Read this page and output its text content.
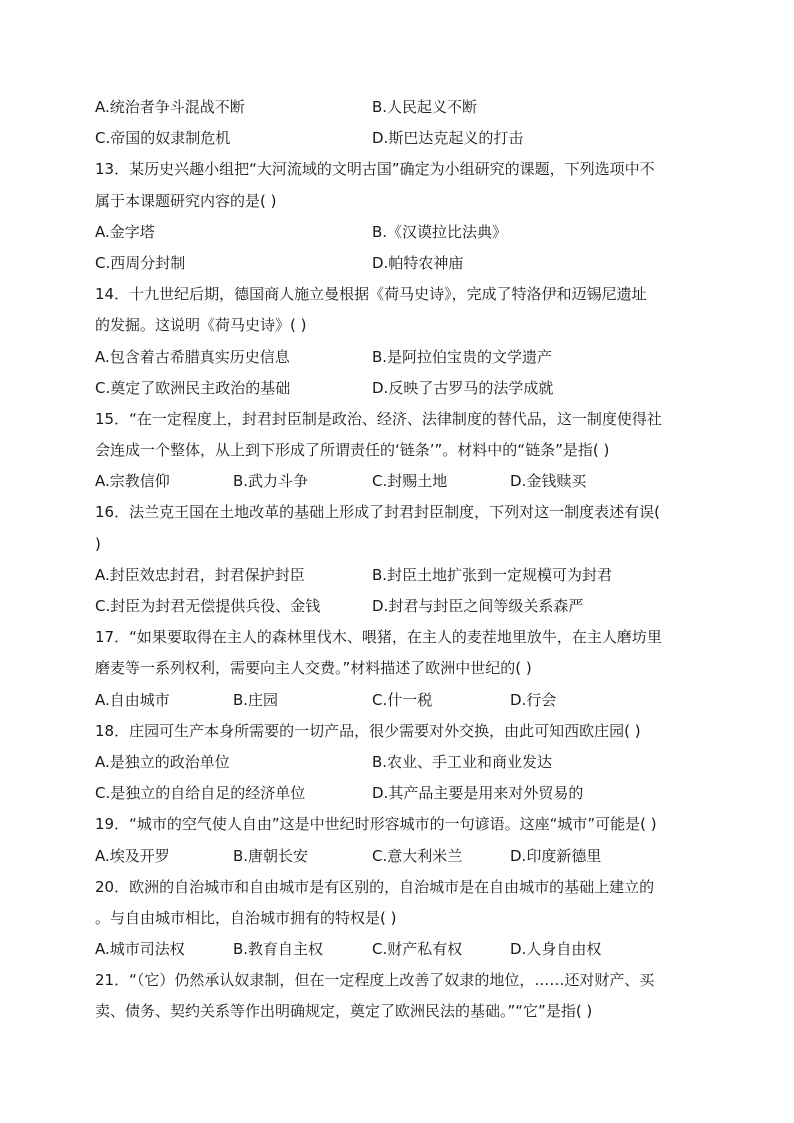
A.统治者争斗混战不断	B.人民起义不断
C.帝国的奴隶制危机	D.斯巴达克起义的打击
13．某历史兴趣小组把“大河流域的文明古国”确定为小组研究的课题，下列选项中不
属于本课题研究内容的是( )
A.金字塔	B.《汉谟拉比法典》
C.西周分封制	D.帕特农神庙
14．十九世纪后期，德国商人施立曼根据《荷马史诗》，完成了特洛伊和迈锡尼遗址
的发掘。这说明《荷马史诗》( )
A.包含着古希腊真实历史信息	B.是阿拉伯宝贵的文学遗产
C.奠定了欧洲民主政治的基础	D.反映了古罗马的法学成就
15．“在一定程度上，封君封臣制是政治、经济、法律制度的替代品，这一制度使得社
会连成一个整体，从上到下形成了所谓责任的‘链条’”。材料中的“链条”是指( )
A.宗教信仰	B.武力斗争	C.封赐土地	D.金钱赎买
16．法兰克王国在土地改革的基础上形成了封君封臣制度，下列对这一制度表述有误(
)
A.封臣效忠封君，封君保护封臣	B.封臣土地扩张到一定规模可为封君
C.封臣为封君无偿提供兵役、金钱	D.封君与封臣之间等级关系森严
17．“如果要取得在主人的森林里伐木、喂猪，在主人的麦茬地里放牛，在主人磨坊里
磨麦等一系列权利，需要向主人交费。”材料描述了欧洲中世纪的( )
A.自由城市	B.庄园	C.什一税	D.行会
18．庄园可生产本身所需要的一切产品，很少需要对外交换，由此可知西欧庄园( )
A.是独立的政治单位	B.农业、手工业和商业发达
C.是独立的自给自足的经济单位	D.其产品主要是用来对外贸易的
19．“城市的空气使人自由”这是中世纪时形容城市的一句谚语。这座“城市”可能是( )
A.埃及开罗	B.唐朝长安	C.意大利米兰	D.印度新德里
20．欧洲的自治城市和自由城市是有区别的，自治城市是在自由城市的基础上建立的
。与自由城市相比，自治城市拥有的特权是( )
A.城市司法权	B.教育自主权	C.财产私有权	D.人身自由权
21．“（它）仍然承认奴隶制，但在一定程度上改善了奴隶的地位，……还对财产、买
卖、债务、契约关系等作出明确规定，奠定了欧洲民法的基础。”“它”是指( )
